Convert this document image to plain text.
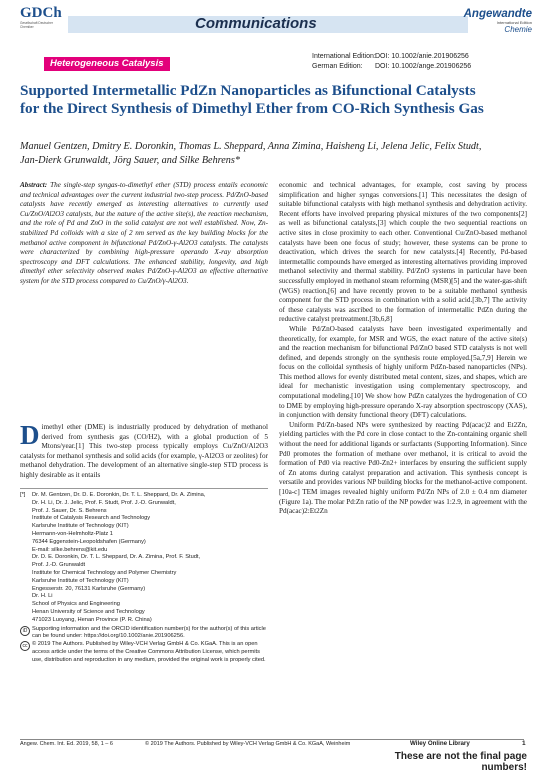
GDCh
Gesellschaft Deutscher Chemiker	Communications
Angewandte
International Edition
Chemie
Heterogeneous Catalysis
International Edition:DOI: 10.1002/anie.201906256
German Edition: DOI: 10.1002/ange.201906256
Supported Intermetallic PdZn Nanoparticles as Bifunctional Catalysts for the Direct Synthesis of Dimethyl Ether from CO-Rich Synthesis Gas
Manuel Gentzen, Dmitry E. Doronkin, Thomas L. Sheppard, Anna Zimina, Haisheng Li, Jelena Jelic, Felix Studt, Jan-Dierk Grunwaldt, Jörg Sauer, and Silke Behrens*
Abstract: The single-step syngas-to-dimethyl ether (STD) process entails economic and technical advantages over the current industrial two-step process. Pd/ZnO-based catalysts have recently emerged as interesting alternatives to currently used Cu/ZnO/Al2O3 catalysts, but the nature of the active site(s), the reaction mechanism, and the role of Pd and ZnO in the solid catalyst are not well established. Now, Zn-stabilized Pd colloids with a size of 2 nm served as the key building blocks for the methanol active component in bifunctional Pd/ZnO-γ-Al2O3 catalysts. The catalysts were characterized by combining high-pressure operando X-ray absorption spectroscopy and DFT calculations. The enhanced stability, longevity, and high dimethyl ether selectivity observed makes Pd/ZnO-γ-Al2O3 an effective alternative system for the STD process compared to Cu/ZnO/γ-Al2O3.
Dimethyl ether (DME) is industrially produced by dehydration of methanol derived from synthesis gas (CO/H2), with a global production of 5 Mtons/year.[1] This two-step process typically employs Cu/ZnO/Al2O3 catalysts for methanol synthesis and solid acids (for example, γ-Al2O3 or zeolites) for methanol dehydration. The development of an alternative single-step STD process is highly desirable as it entails
[*] Dr. M. Gentzen, Dr. D. E. Doronkin, Dr. T. L. Sheppard, Dr. A. Zimina,
Dr. H. Li, Dr. J. Jelic, Prof. F. Studt, Prof. J.-D. Grunwaldt,
Prof. J. Sauer, Dr. S. Behrens
Institute of Catalysis Research and Technology
Karlsruhe Institute of Technology (KIT)
Hermann-von-Helmholtz-Platz 1
76344 Eggenstein-Leopoldshafen (Germany)
E-mail: silke.behrens@kit.edu
Dr. D. E. Doronkin, Dr. T. L. Sheppard, Dr. A. Zimina, Prof. F. Studt,
Prof. J.-D. Grunwaldt
Institute for Chemical Technology and Polymer Chemistry
Karlsruhe Institute of Technology (KIT)
Engesserstr. 20, 76131 Karlsruhe (Germany)
Dr. H. Li
School of Physics and Engineering
Henan University of Science and Technology
471023 Luoyang, Henan Province (P. R. China)
iD Supporting information and the ORCID identification number(s) for the author(s) of this article can be found under: https://doi.org/10.1002/anie.201906256.
cc © 2019 The Authors. Published by Wiley-VCH Verlag GmbH & Co. KGaA. This is an open access article under the terms of the Creative Commons Attribution License, which permits use, distribution and reproduction in any medium, provided the original work is properly cited.
economic and technical advantages, for example, cost saving by process simplification and higher syngas conversions.[1] This necessitates the design of suitable bifunctional catalysts with high methanol synthesis and dehydration activity. Recent efforts have involved preparing physical mixtures of the two components[2] as well as bifunctional catalysts,[3] which couple the two sequential reactions on active sites in close proximity to each other. Conventional Cu/ZnO-based methanol catalysts have been one focus of study; however, these systems can be prone to deactivation, which drives the search for new catalysts.[4] Recently, Pd-based intermetallic compounds have emerged as interesting alternatives providing improved methanol selectivity and thermal stability. Pd/ZnO systems in particular have been successfully employed in methanol steam reforming (MSR)[5] and the water-gas-shift (WGS) reaction,[6] and have recently proven to be a suitable methanol synthesis component for the STD process in combination with a solid acid.[3b,7] The activity of these catalysts was ascribed to the formation of intermetallic PdZn during the reductive catalyst pretreatment.[3b,6,8]
While Pd/ZnO-based catalysts have been investigated experimentally and theoretically, for example, for MSR and WGS, the exact nature of the active site(s) and the reaction mechanism for bifunctional Pd/ZnO based STD catalysts is not well defined, and depends strongly on the synthesis route employed.[5a,7,9] Herein we focus on the colloidal synthesis of highly uniform PdZn-based nanoparticles (NPs). This method allows for evenly distributed metal content, sizes, and shapes, which are ideal for mechanistic investigation using complementary spectroscopy, and computational modeling.[10] We show how PdZn catalyzes the hydrogenation of CO to DME by employing high-pressure operando X-ray absorption spectroscopy (XAS), in conjunction with density functional theory (DFT) calculations.
Uniform Pd/Zn-based NPs were synthesized by reacting Pd(acac)2 and Et2Zn, yielding particles with the Pd core in close contact to the Zn-containing organic shell without the need for additional ligands or surfactants (Supporting Information). Since Pd0 promotes the formation of methane over methanol, it is critical to avoid the formation of Pd0 via reactive Pd0-Zn2+ interfaces by ensuring the sufficient supply of Zn atoms during catalyst preparation and activation. This synthesis concept is versatile and provides various NP building blocks for the methanol-active component.[10a-c] TEM images revealed highly uniform Pd/Zn NPs of 2.0 ± 0.4 nm diameter (Figure 1a). The molar Pd:Zn ratio of the NP powder was 1:2.9, in agreement with the Pd(acac)2:Et2Zn
Angew. Chem. Int. Ed. 2019, 58, 1 – 6	© 2019 The Authors. Published by Wiley-VCH Verlag GmbH & Co. KGaA, Weinheim	Wiley Online Library	1
These are not the final page numbers!
